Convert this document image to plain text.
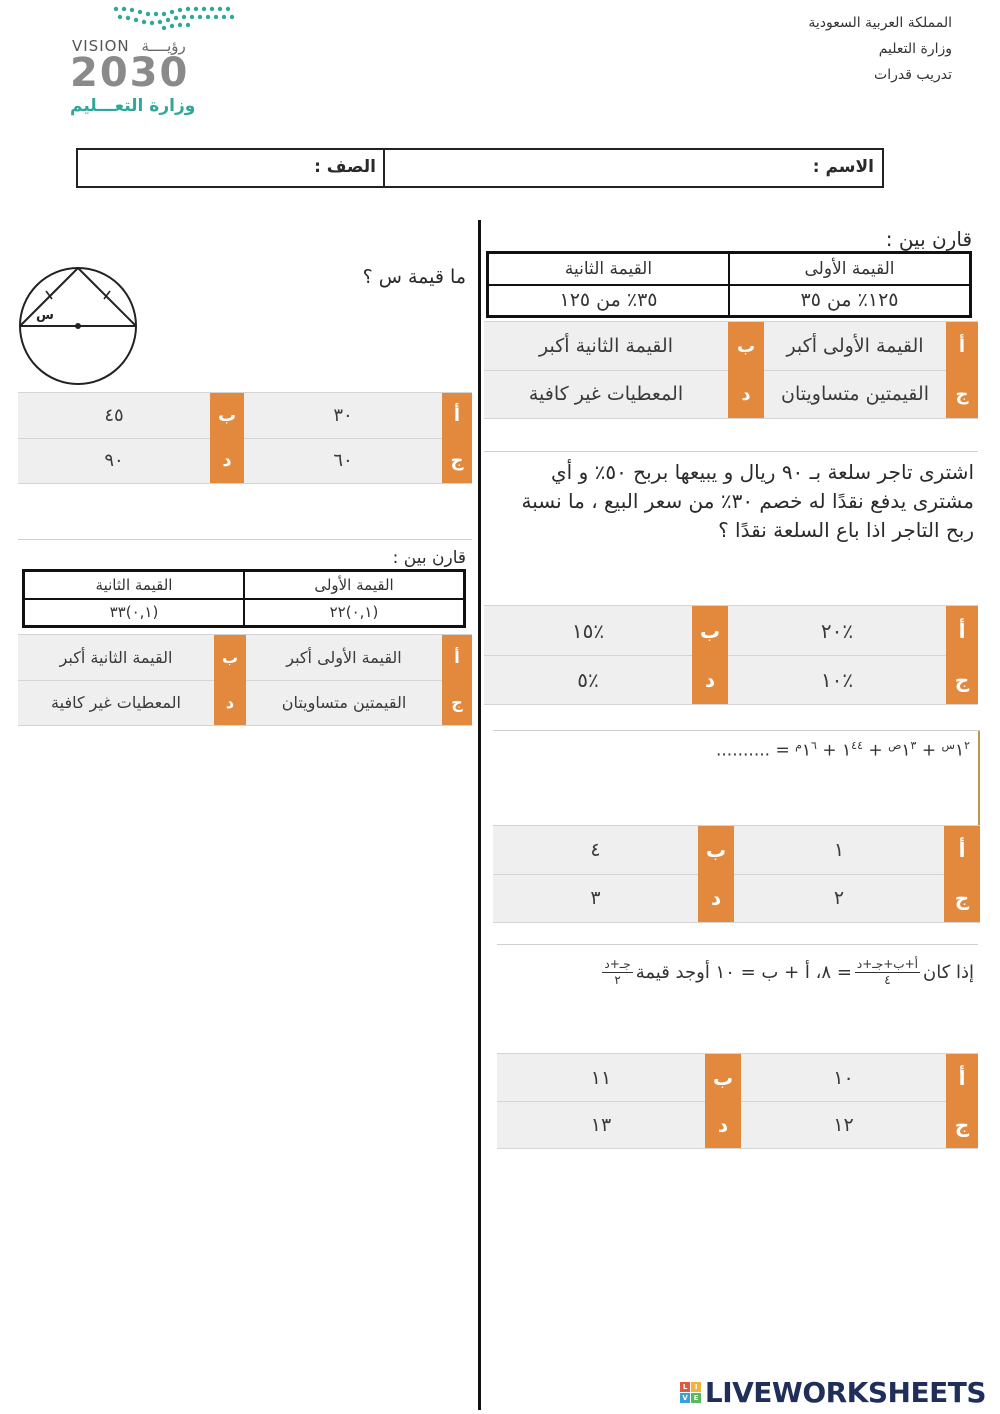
المملكة العربية السعودية
وزارة التعليم
تدريب قدرات
VISION رؤيــــة
2030
وزارة التعـــليم
الاسم :
الصف :
قارن بين :
القيمة الأولى	القيمة الثانية
١٢٥٪ من ٣٥	٣٥٪ من ١٢٥
أ
القيمة الأولى أكبر
ب
القيمة الثانية أكبر
ج
القيمتين متساويتان
د
المعطيات غير كافية
اشترى تاجر سلعة بـ ٩٠ ريال و يبيعها بربح ٥٠٪ و أي مشترى يدفع نقدًا له خصم ٣٠٪ من سعر البيع ، ما نسبة ربح التاجر اذا باع السلعة نقدًا ؟
أ
٢٠٪
ب
١٥٪
ج
١٠٪
د
٥٪
$١^{٢س}$ + $١^{٣ص}$ + $١^{٤٤}$ + $١^{٦م}$ = ..........
أ
١
ب
٤
ج
٢
د
٣
إذا كان
أ+ب+جـ+د
٤
= ٨، أ + ب = ١٠ أوجد قيمة
جـ+د
٢
أ
١٠
ب
١١
ج
١٢
د
١٣
ما قيمة س ؟
س
أ
٣٠
ب
٤٥
ج
٦٠
د
٩٠
قارن بين :
القيمة الأولى	القيمة الثانية
(٠,١)٢٢	(٠,١)٣٣
أ
القيمة الأولى أكبر
ب
القيمة الثانية أكبر
ج
القيمتين متساويتان
د
المعطيات غير كافية
L	I
V E LIVEWORKSHEETS
